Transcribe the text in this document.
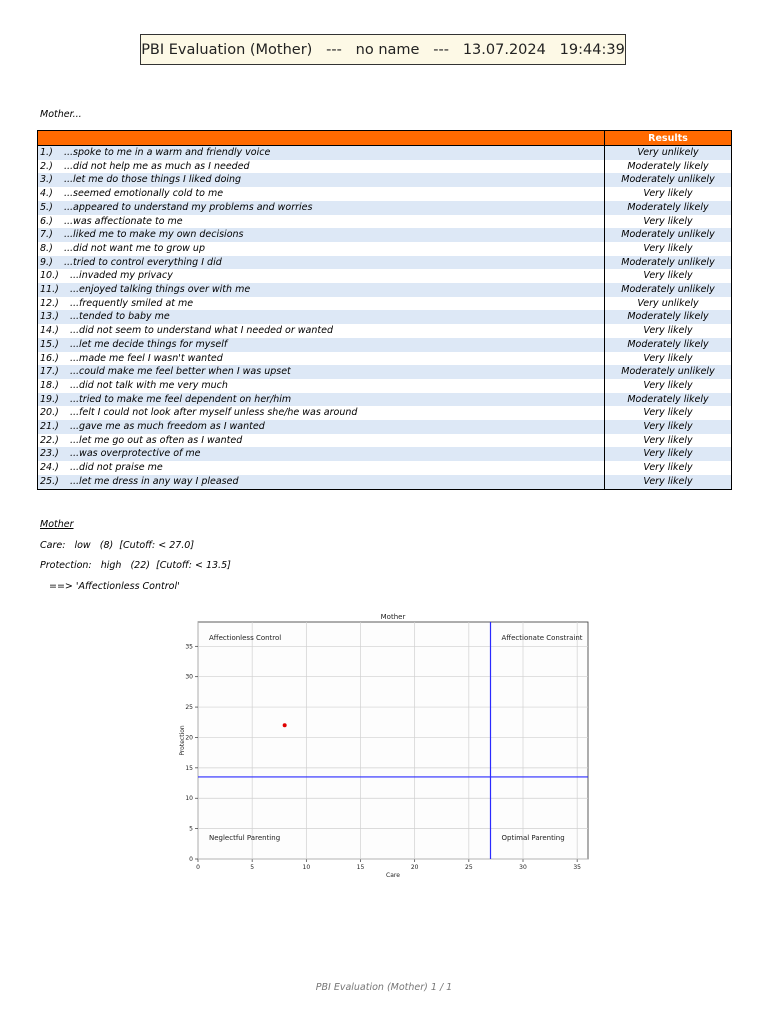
PBI Evaluation (Mother)   ---   no name   ---   13.07.2024   19:44:39
Mother...
	Results
1.) ...spoke to me in a warm and friendly voice	Very unlikely
2.) ...did not help me as much as I needed	Moderately likely
3.) ...let me do those things I liked doing	Moderately unlikely
4.) ...seemed emotionally cold to me	Very likely
5.) ...appeared to understand my problems and worries	Moderately likely
6.) ...was affectionate to me	Very likely
7.) ...liked me to make my own decisions	Moderately unlikely
8.) ...did not want me to grow up	Very likely
9.) ...tried to control everything I did	Moderately unlikely
10.) ...invaded my privacy	Very likely
11.) ...enjoyed talking things over with me	Moderately unlikely
12.) ...frequently smiled at me	Very unlikely
13.) ...tended to baby me	Moderately likely
14.) ...did not seem to understand what I needed or wanted	Very likely
15.) ...let me decide things for myself	Moderately likely
16.) ...made me feel I wasn't wanted	Very likely
17.) ...could make me feel better when I was upset	Moderately unlikely
18.) ...did not talk with me very much	Very likely
19.) ...tried to make me feel dependent on her/him	Moderately likely
20.) ...felt I could not look after myself unless she/he was around	Very likely
21.) ...gave me as much freedom as I wanted	Very likely
22.) ...let me go out as often as I wanted	Very likely
23.) ...was overprotective of me	Very likely
24.) ...did not praise me	Very likely
25.) ...let me dress in any way I pleased	Very likely
Mother
Care:   low   (8)  [Cutoff: < 27.0]
Protection:   high   (22)  [Cutoff: < 13.5]
==> 'Affectionless Control'
0	5	10	15	20	25	30	35
0
5
10
15
20
25
30
35
Affectionless Control	Affectionate Constraint
Neglectful Parenting	Optimal Parenting
Mother
Care
Protection
PBI Evaluation (Mother) 1 / 1
